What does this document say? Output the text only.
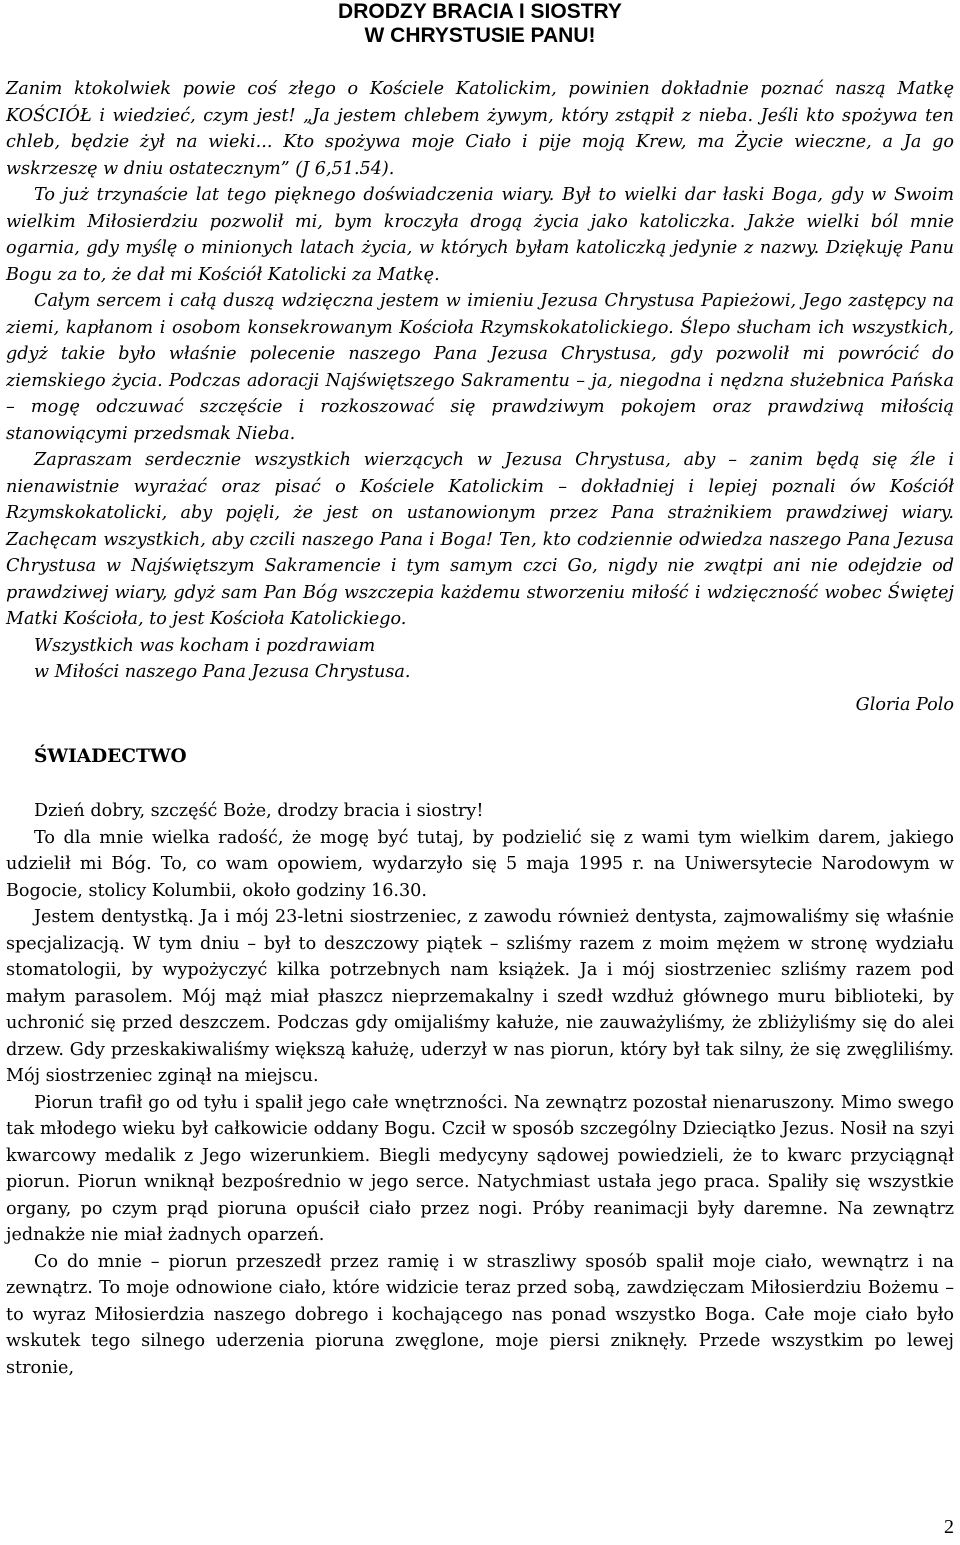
DRODZY BRACIA I SIOSTRY
W CHRYSTUSIE PANU!

Zanim ktokolwiek powie coś złego o Kościele Katolickim, powinien dokładnie poznać naszą Matkę KOŚCIÓŁ i wiedzieć, czym jest! „Ja jestem chlebem żywym, który zstąpił z nieba. Jeśli kto spożywa ten chleb, będzie żył na wieki... Kto spożywa moje Ciało i pije moją Krew, ma Życie wieczne, a Ja go wskrzeszę w dniu ostatecznym” (J 6,51.54).

To już trzynaście lat tego pięknego doświadczenia wiary. Był to wielki dar łaski Boga, gdy w Swoim wielkim Miłosierdziu pozwolił mi, bym kroczyła drogą życia jako katoliczka. Jakże wielki ból mnie ogarnia, gdy myślę o minionych latach życia, w których byłam katoliczką jedynie z nazwy. Dziękuję Panu Bogu za to, że dał mi Kościół Katolicki za Matkę.

Całym sercem i całą duszą wdzięczna jestem w imieniu Jezusa Chrystusa Papieżowi, Jego zastępcy na ziemi, kapłanom i osobom konsekrowanym Kościoła Rzymskokatolickiego. Ślepo słucham ich wszystkich, gdyż takie było właśnie polecenie naszego Pana Jezusa Chrystusa, gdy pozwolił mi powrócić do ziemskiego życia. Podczas adoracji Najświętszego Sakramentu – ja, niegodna i nędzna służebnica Pańska – mogę odczuwać szczęście i rozkoszować się prawdziwym pokojem oraz prawdziwą miłością stanowiącymi przedsmak Nieba.

Zapraszam serdecznie wszystkich wierzących w Jezusa Chrystusa, aby – zanim będą się źle i nienawistnie wyrażać oraz pisać o Kościele Katolickim – dokładniej i lepiej poznali ów Kościół Rzymskokatolicki, aby pojęli, że jest on ustanowionym przez Pana strażnikiem prawdziwej wiary. Zachęcam wszystkich, aby czcili naszego Pana i Boga! Ten, kto codziennie odwiedza naszego Pana Jezusa Chrystusa w Najświętszym Sakramencie i tym samym czci Go, nigdy nie zwątpi ani nie odejdzie od prawdziwej wiary, gdyż sam Pan Bóg wszczepia każdemu stworzeniu miłość i wdzięczność wobec Świętej Matki Kościoła, to jest Kościoła Katolickiego.

Wszystkich was kocham i pozdrawiam

w Miłości naszego Pana Jezusa Chrystusa.

Gloria Polo
ŚWIADECTWO

Dzień dobry, szczęść Boże, drodzy bracia i siostry!

To dla mnie wielka radość, że mogę być tutaj, by podzielić się z wami tym wielkim darem, jakiego udzielił mi Bóg. To, co wam opowiem, wydarzyło się 5 maja 1995 r. na Uniwersytecie Narodowym w Bogocie, stolicy Kolumbii, około godziny 16.30.

Jestem dentystką. Ja i mój 23-letni siostrzeniec, z zawodu również dentysta, zajmowaliśmy się właśnie specjalizacją. W tym dniu – był to deszczowy piątek – szliśmy razem z moim mężem w stronę wydziału stomatologii, by wypożyczyć kilka potrzebnych nam książek. Ja i mój siostrzeniec szliśmy razem pod małym parasolem. Mój mąż miał płaszcz nieprzemakalny i szedł wzdłuż głównego muru biblioteki, by uchronić się przed deszczem. Podczas gdy omijaliśmy kałuże, nie zauważyliśmy, że zbliżyliśmy się do alei drzew. Gdy przeskakiwaliśmy większą kałużę, uderzył w nas piorun, który był tak silny, że się zwęgliliśmy. Mój siostrzeniec zginął na miejscu.

Piorun trafił go od tyłu i spalił jego całe wnętrzności. Na zewnątrz pozostał nienaruszony. Mimo swego tak młodego wieku był całkowicie oddany Bogu. Czcił w sposób szczególny Dzieciątko Jezus. Nosił na szyi kwarcowy medalik z Jego wizerunkiem. Biegli medycyny sądowej powiedzieli, że to kwarc przyciągnął piorun. Piorun wniknął bezpośrednio w jego serce. Natychmiast ustała jego praca. Spaliły się wszystkie organy, po czym prąd pioruna opuścił ciało przez nogi. Próby reanimacji były daremne. Na zewnątrz jednakże nie miał żadnych oparzeń.

Co do mnie – piorun przeszedł przez ramię i w straszliwy sposób spalił moje ciało, wewnątrz i na zewnątrz. To moje odnowione ciało, które widzicie teraz przed sobą, zawdzięczam Miłosierdziu Bożemu – to wyraz Miłosierdzia naszego dobrego i kochającego nas ponad wszystko Boga. Całe moje ciało było wskutek tego silnego uderzenia pioruna zwęglone, moje piersi zniknęły. Przede wszystkim po lewej stronie,

2
